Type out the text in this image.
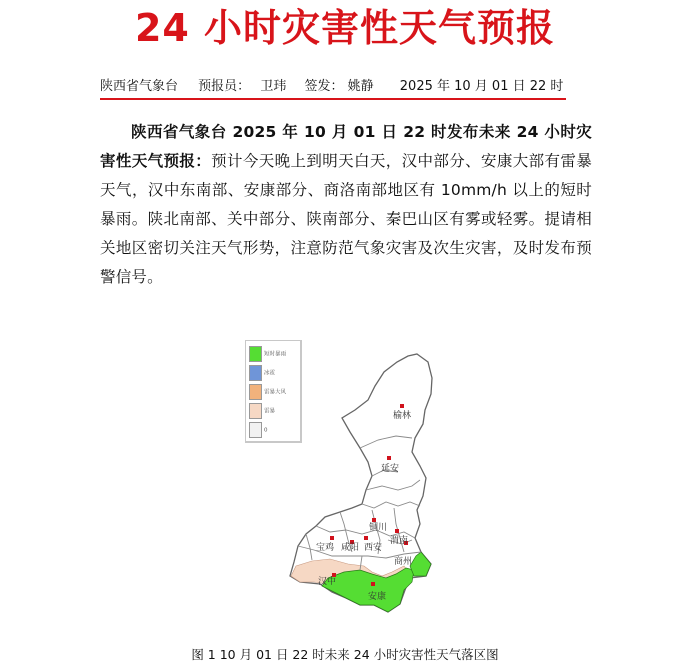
24 小时灾害性天气预报
陕西省气象台 预报员： 卫玮 签发： 姚静 2025 年 10 月 01 日 22 时

陕西省气象台 2025 年 10 月 01 日 22 时发布未来 24 小时灾害性天气预报：预计今天晚上到明天白天，汉中部分、安康大部有雷暴天气，汉中东南部、安康部分、商洛南部地区有 10mm/h 以上的短时暴雨。陕北南部、关中部分、陕南部分、秦巴山区有雾或轻雾。提请相关地区密切关注天气形势，注意防范气象灾害及次生灾害，及时发布预警信号。

短时暴雨
冰雹
雷暴大风
雷暴
0
榆林
延安
铜川
渭南
西安
咸阳
宝鸡
汉中
安康
商州
图 1 10 月 01 日 22 时未来 24 小时灾害性天气落区图
